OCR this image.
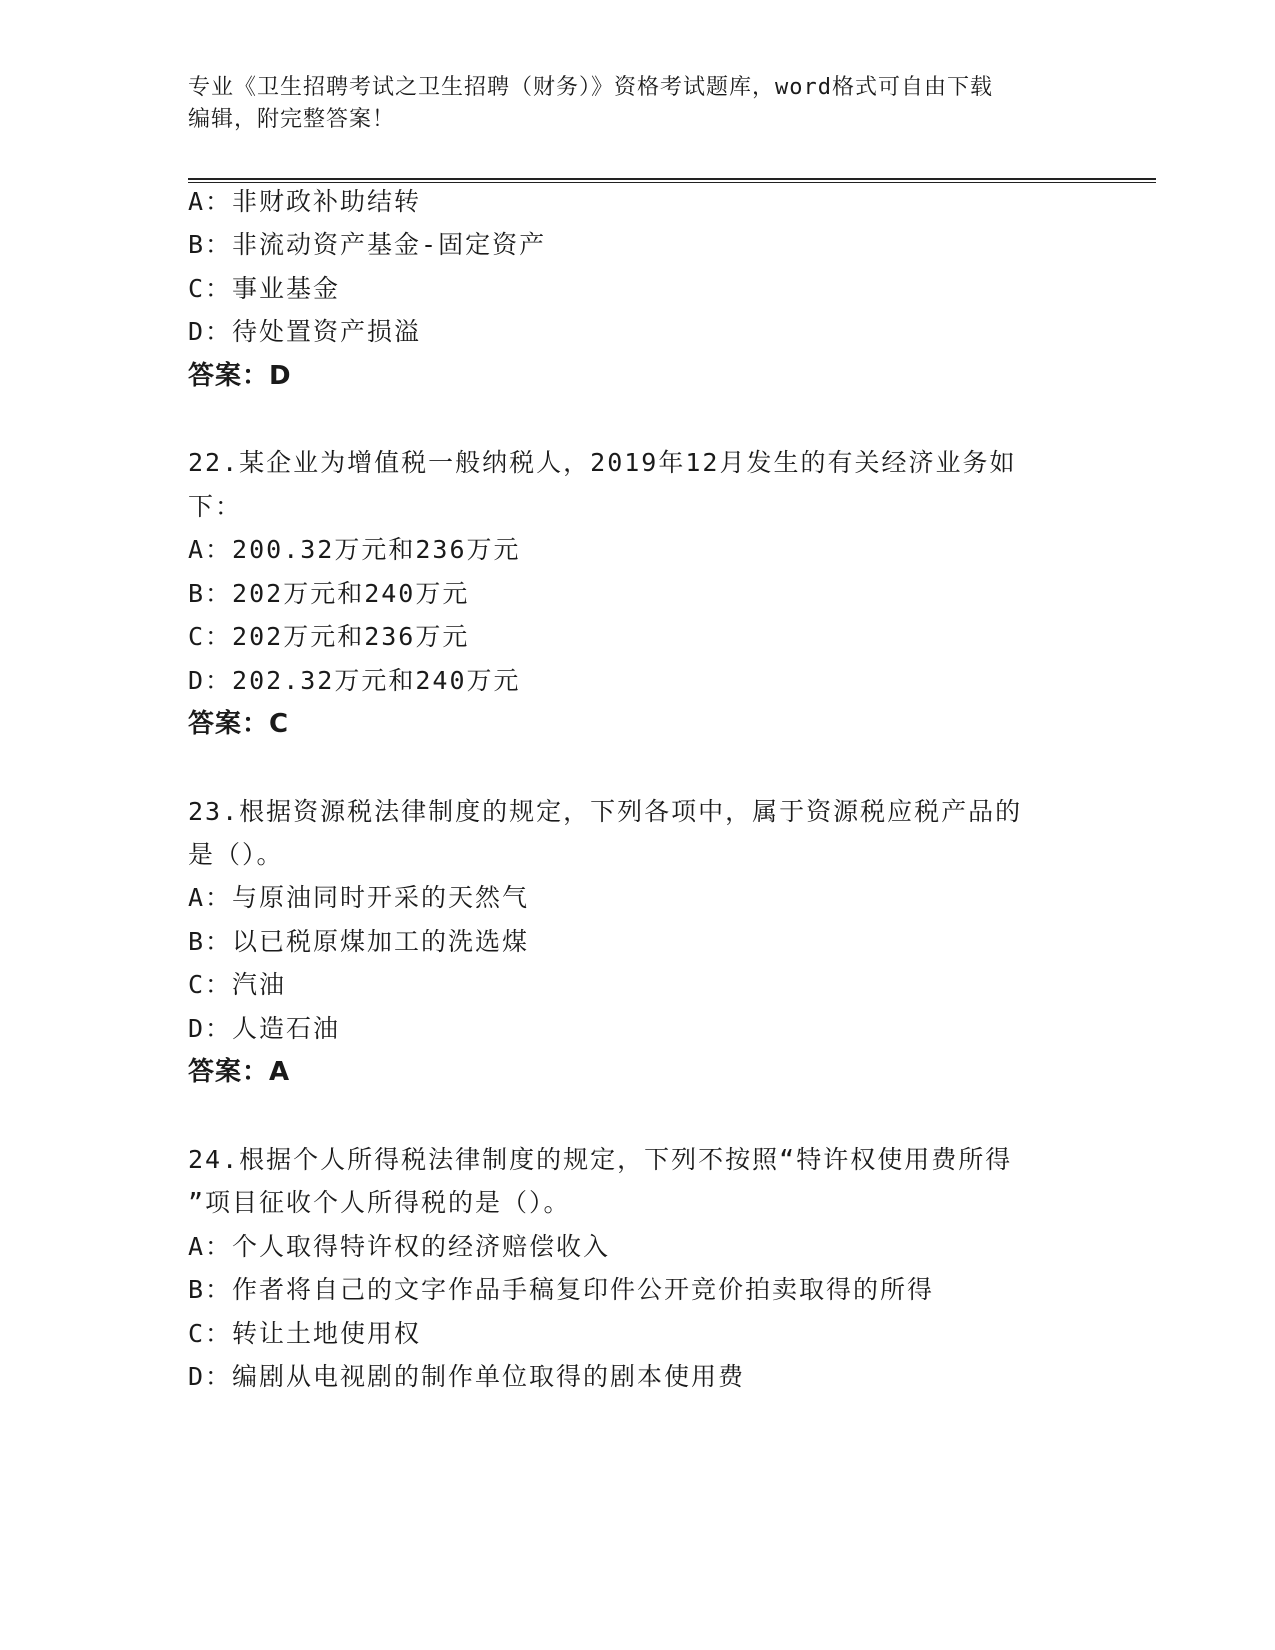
专业《卫生招聘考试之卫生招聘（财务）》资格考试题库，word格式可自由下载
编辑，附完整答案！
A：非财政补助结转
B：非流动资产基金-固定资产
C：事业基金
D：待处置资产损溢
答案：D
22.某企业为增值税一般纳税人，2019年12月发生的有关经济业务如
下：
A：200.32万元和236万元
B：202万元和240万元
C：202万元和236万元
D：202.32万元和240万元
答案：C
23.根据资源税法律制度的规定，下列各项中，属于资源税应税产品的
是（）。
A：与原油同时开采的天然气
B：以已税原煤加工的洗选煤
C：汽油
D：人造石油
答案：A
24.根据个人所得税法律制度的规定，下列不按照“特许权使用费所得
”项目征收个人所得税的是（）。
A：个人取得特许权的经济赔偿收入
B：作者将自己的文字作品手稿复印件公开竞价拍卖取得的所得
C：转让土地使用权
D：编剧从电视剧的制作单位取得的剧本使用费
